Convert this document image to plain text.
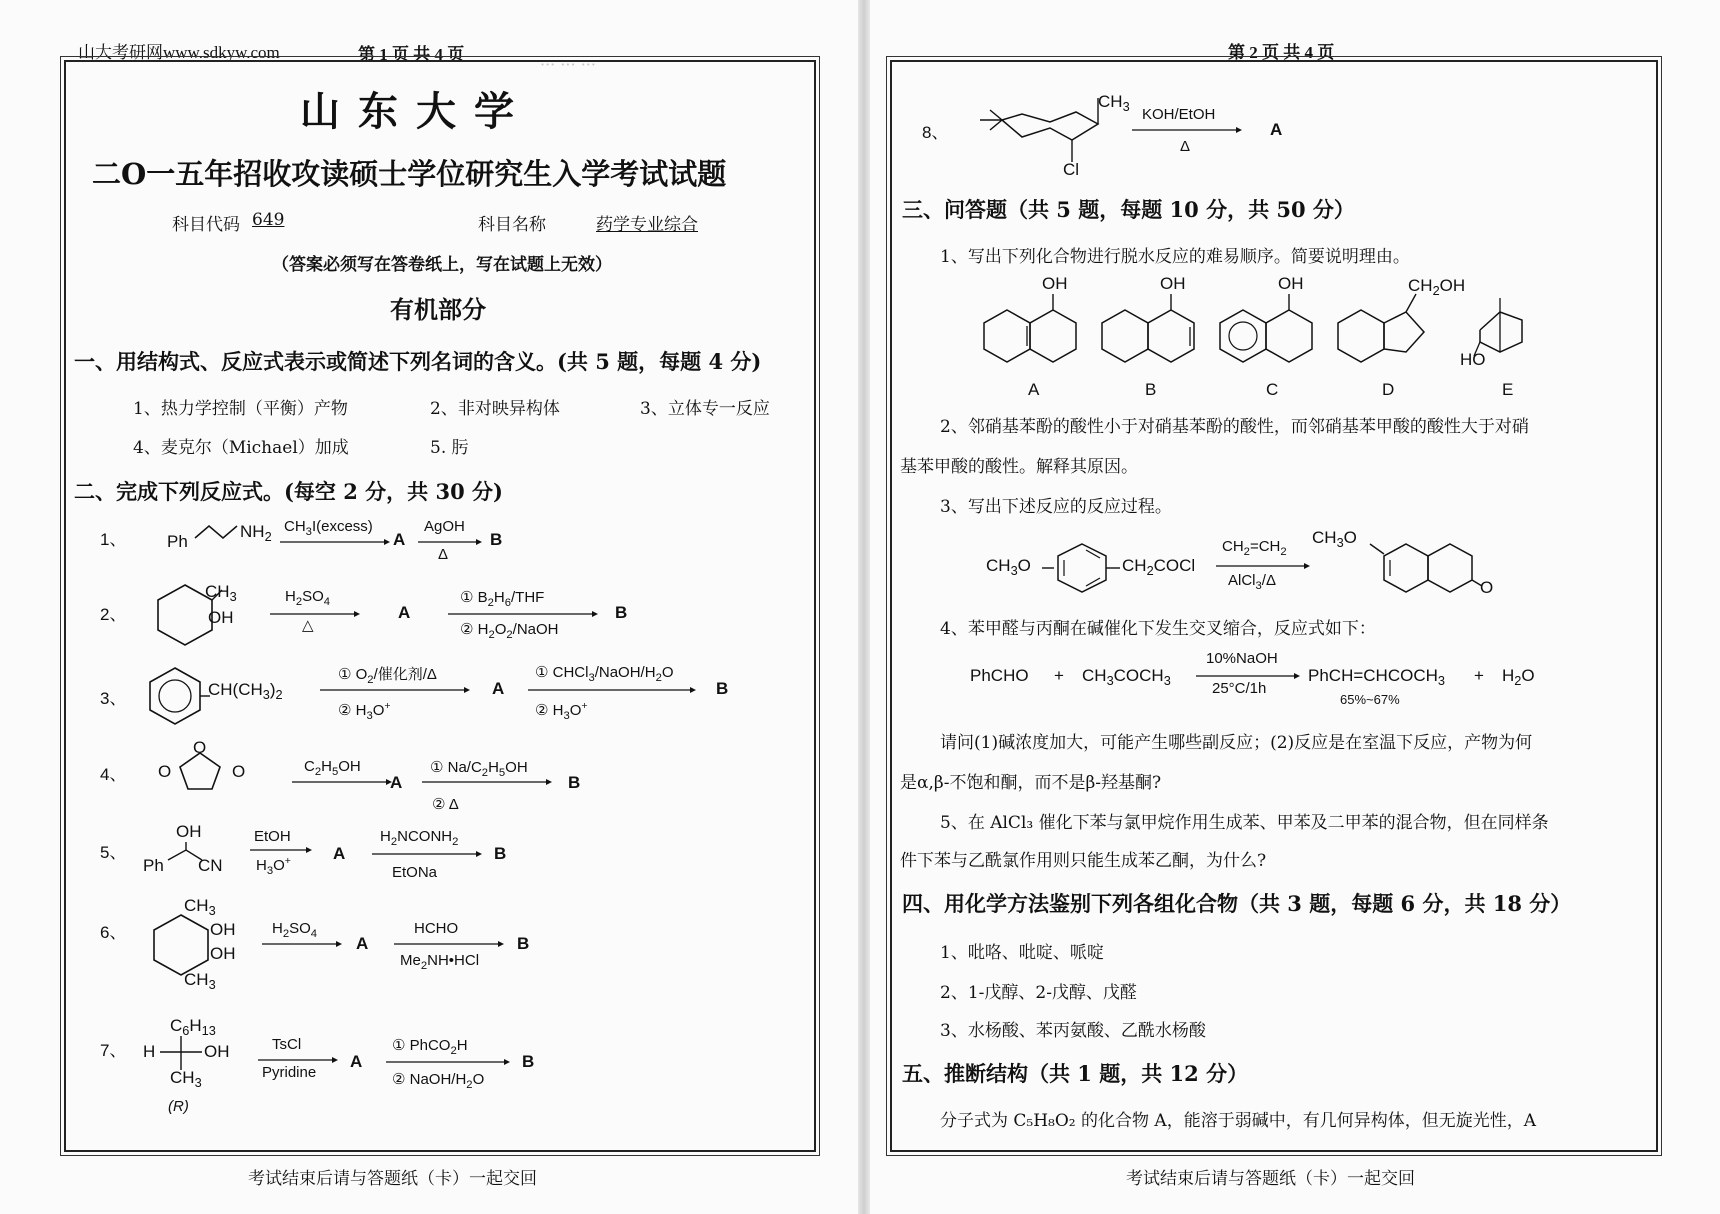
··· ··· ···
山大考研网www.sdkyw.com	第 1 页 共 4 页
山东大学
二O一五年招收攻读硕士学位研究生入学考试试题
科目代码 649	科目名称	药学专业综合
（答案必须写在答卷纸上，写在试题上无效）
有机部分
一、用结构式、反应式表示或简述下列名词的含义。(共 5 题，每题 4 分)
1、热力学控制（平衡）产物	2、非对映异构体	3、立体专一反应
4、麦克尔（Michael）加成	5. 肟
二、完成下列反应式。(每空 2 分，共 30 分)
1、 Ph
$NH_2$
$CH_3I(excess)$
A
AgOH
Δ
B
2、
$CH_3$
OH
$H_2SO_4$
△
A
① $B_2H_6$/THF
② $H_2O_2$/NaOH
B
3、	$CH(CH_3)_2$
① $O_2/$催化剂/Δ
② $H_3O^+$
A
① $CHCl_3/NaOH/H_2O$
② $H_3O^+$
B
4、 O
O
O	$C_2H_5OH$
A
① $Na/C_2H_5OH$
② Δ
B
5、
OH
Ph CN
EtOH
$H_3O^+$ A
$H_2NCONH_2$
EtONa
B
6、
$CH_3$
OH
OH
$CH_3$
$H_2SO_4$ A
HCHO
$Me_2NH•HCl$
B
7、
$C_6H_{13}$
H	OH
$CH_3$
(R)
TsCl
Pyridine
A
① PhCO$_2$H
② NaOH/$H_2O$
B
考试结束后请与答题纸（卡）一起交回
第 2 页 共 4 页
8、
$CH_3$
Cl
KOH/EtOH
Δ
A
三、问答题（共 5 题，每题 10 分，共 50 分）
1、写出下列化合物进行脱水反应的难易顺序。简要说明理由。
OH
A
OH
B
OH
C
$CH_2OH$
D
HO
E
2、邻硝基苯酚的酸性小于对硝基苯酚的酸性，而邻硝基苯甲酸的酸性大于对硝
基苯甲酸的酸性。解释其原因。
3、写出下述反应的反应过程。
$CH_3O$	$CH_2COCl$
$CH_2=CH_2$
AlCl$_3$/Δ
$CH_3O$
O
4、苯甲醛与丙酮在碱催化下发生交叉缩合，反应式如下：
PhCHO + $CH_3COCH_3$
10%NaOH
25°C/1h
$PhCH=CHCOCH_3 + H_2O$
65%~67%
请问(1)碱浓度加大，可能产生哪些副反应；(2)反应是在室温下反应，产物为何
是α,β-不饱和酮，而不是β-羟基酮?
5、在 AlCl₃ 催化下苯与氯甲烷作用生成苯、甲苯及二甲苯的混合物，但在同样条
件下苯与乙酰氯作用则只能生成苯乙酮，为什么?
四、用化学方法鉴别下列各组化合物（共 3 题，每题 6 分，共 18 分）
1、吡咯、吡啶、哌啶
2、1-戊醇、2-戊醇、戊醛
3、水杨酸、苯丙氨酸、乙酰水杨酸
五、推断结构（共 1 题，共 12 分）
分子式为 C₅H₈O₂ 的化合物 A，能溶于弱碱中，有几何异构体，但无旋光性，A
考试结束后请与答题纸（卡）一起交回
